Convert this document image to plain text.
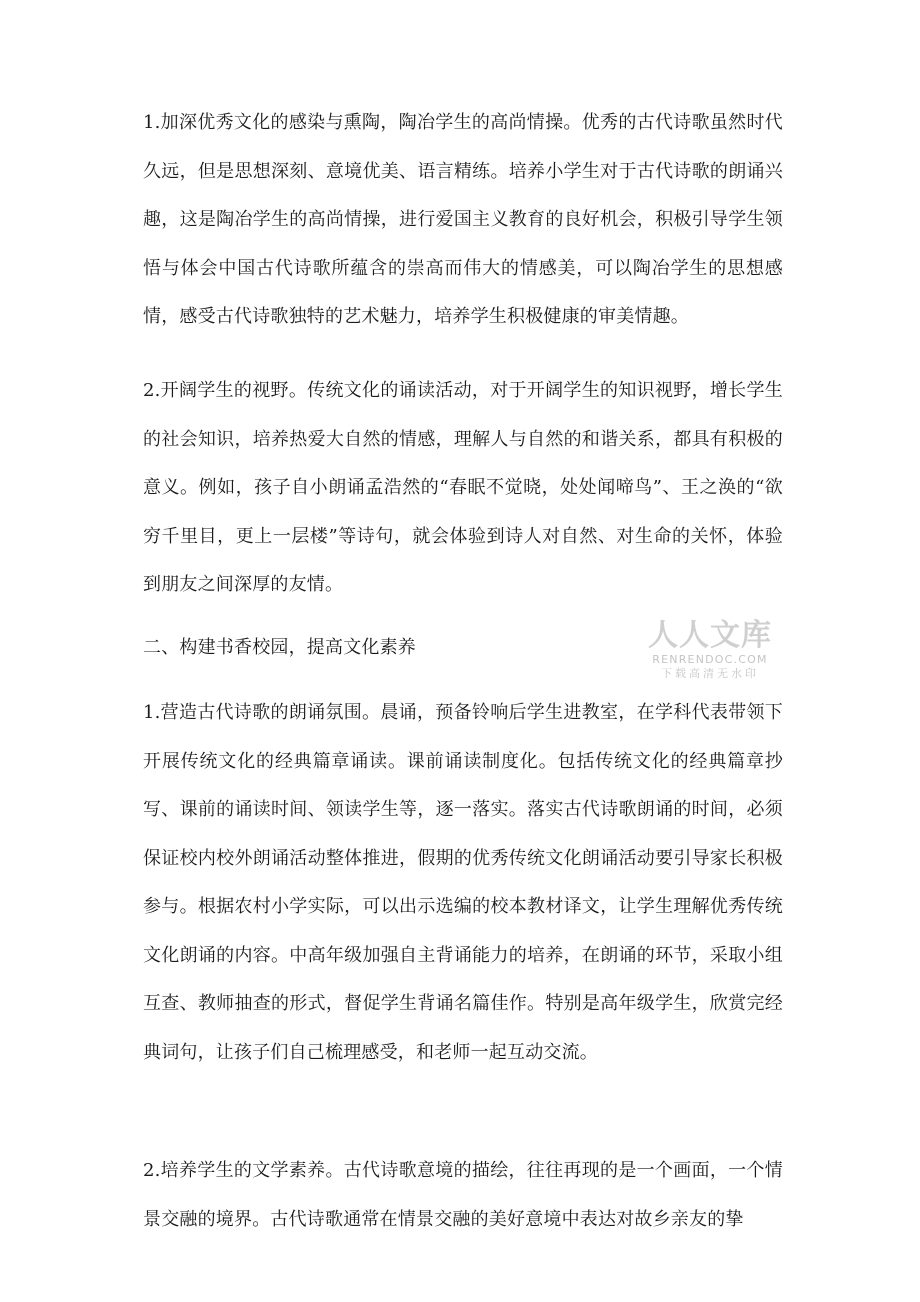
1.加深优秀文化的感染与熏陶，陶冶学生的高尚情操。优秀的古代诗歌虽然时代久远，但是思想深刻、意境优美、语言精练。培养小学生对于古代诗歌的朗诵兴趣，这是陶冶学生的高尚情操，进行爱国主义教育的良好机会，积极引导学生领悟与体会中国古代诗歌所蕴含的崇高而伟大的情感美，可以陶冶学生的思想感情，感受古代诗歌独特的艺术魅力，培养学生积极健康的审美情趣。

2.开阔学生的视野。传统文化的诵读活动，对于开阔学生的知识视野，增长学生的社会知识，培养热爱大自然的情感，理解人与自然的和谐关系，都具有积极的意义。例如，孩子自小朗诵孟浩然的“春眠不觉晓，处处闻啼鸟”、王之涣的“欲穷千里目，更上一层楼”等诗句，就会体验到诗人对自然、对生命的关怀，体验到朋友之间深厚的友情。

二、构建书香校园，提高文化素养

1.营造古代诗歌的朗诵氛围。晨诵，预备铃响后学生进教室，在学科代表带领下开展传统文化的经典篇章诵读。课前诵读制度化。包括传统文化的经典篇章抄写、课前的诵读时间、领读学生等，逐一落实。落实古代诗歌朗诵的时间，必须保证校内校外朗诵活动整体推进，假期的优秀传统文化朗诵活动要引导家长积极参与。根据农村小学实际，可以出示选编的校本教材译文，让学生理解优秀传统文化朗诵的内容。中高年级加强自主背诵能力的培养，在朗诵的环节，采取小组互查、教师抽查的形式，督促学生背诵名篇佳作。特别是高年级学生，欣赏完经典词句，让孩子们自己梳理感受，和老师一起互动交流。

2.培养学生的文学素养。古代诗歌意境的描绘，往往再现的是一个画面，一个情景交融的境界。古代诗歌通常在情景交融的美好意境中表达对故乡亲友的挚

人人文库
RENRENDOC.COM
下载高清无水印
